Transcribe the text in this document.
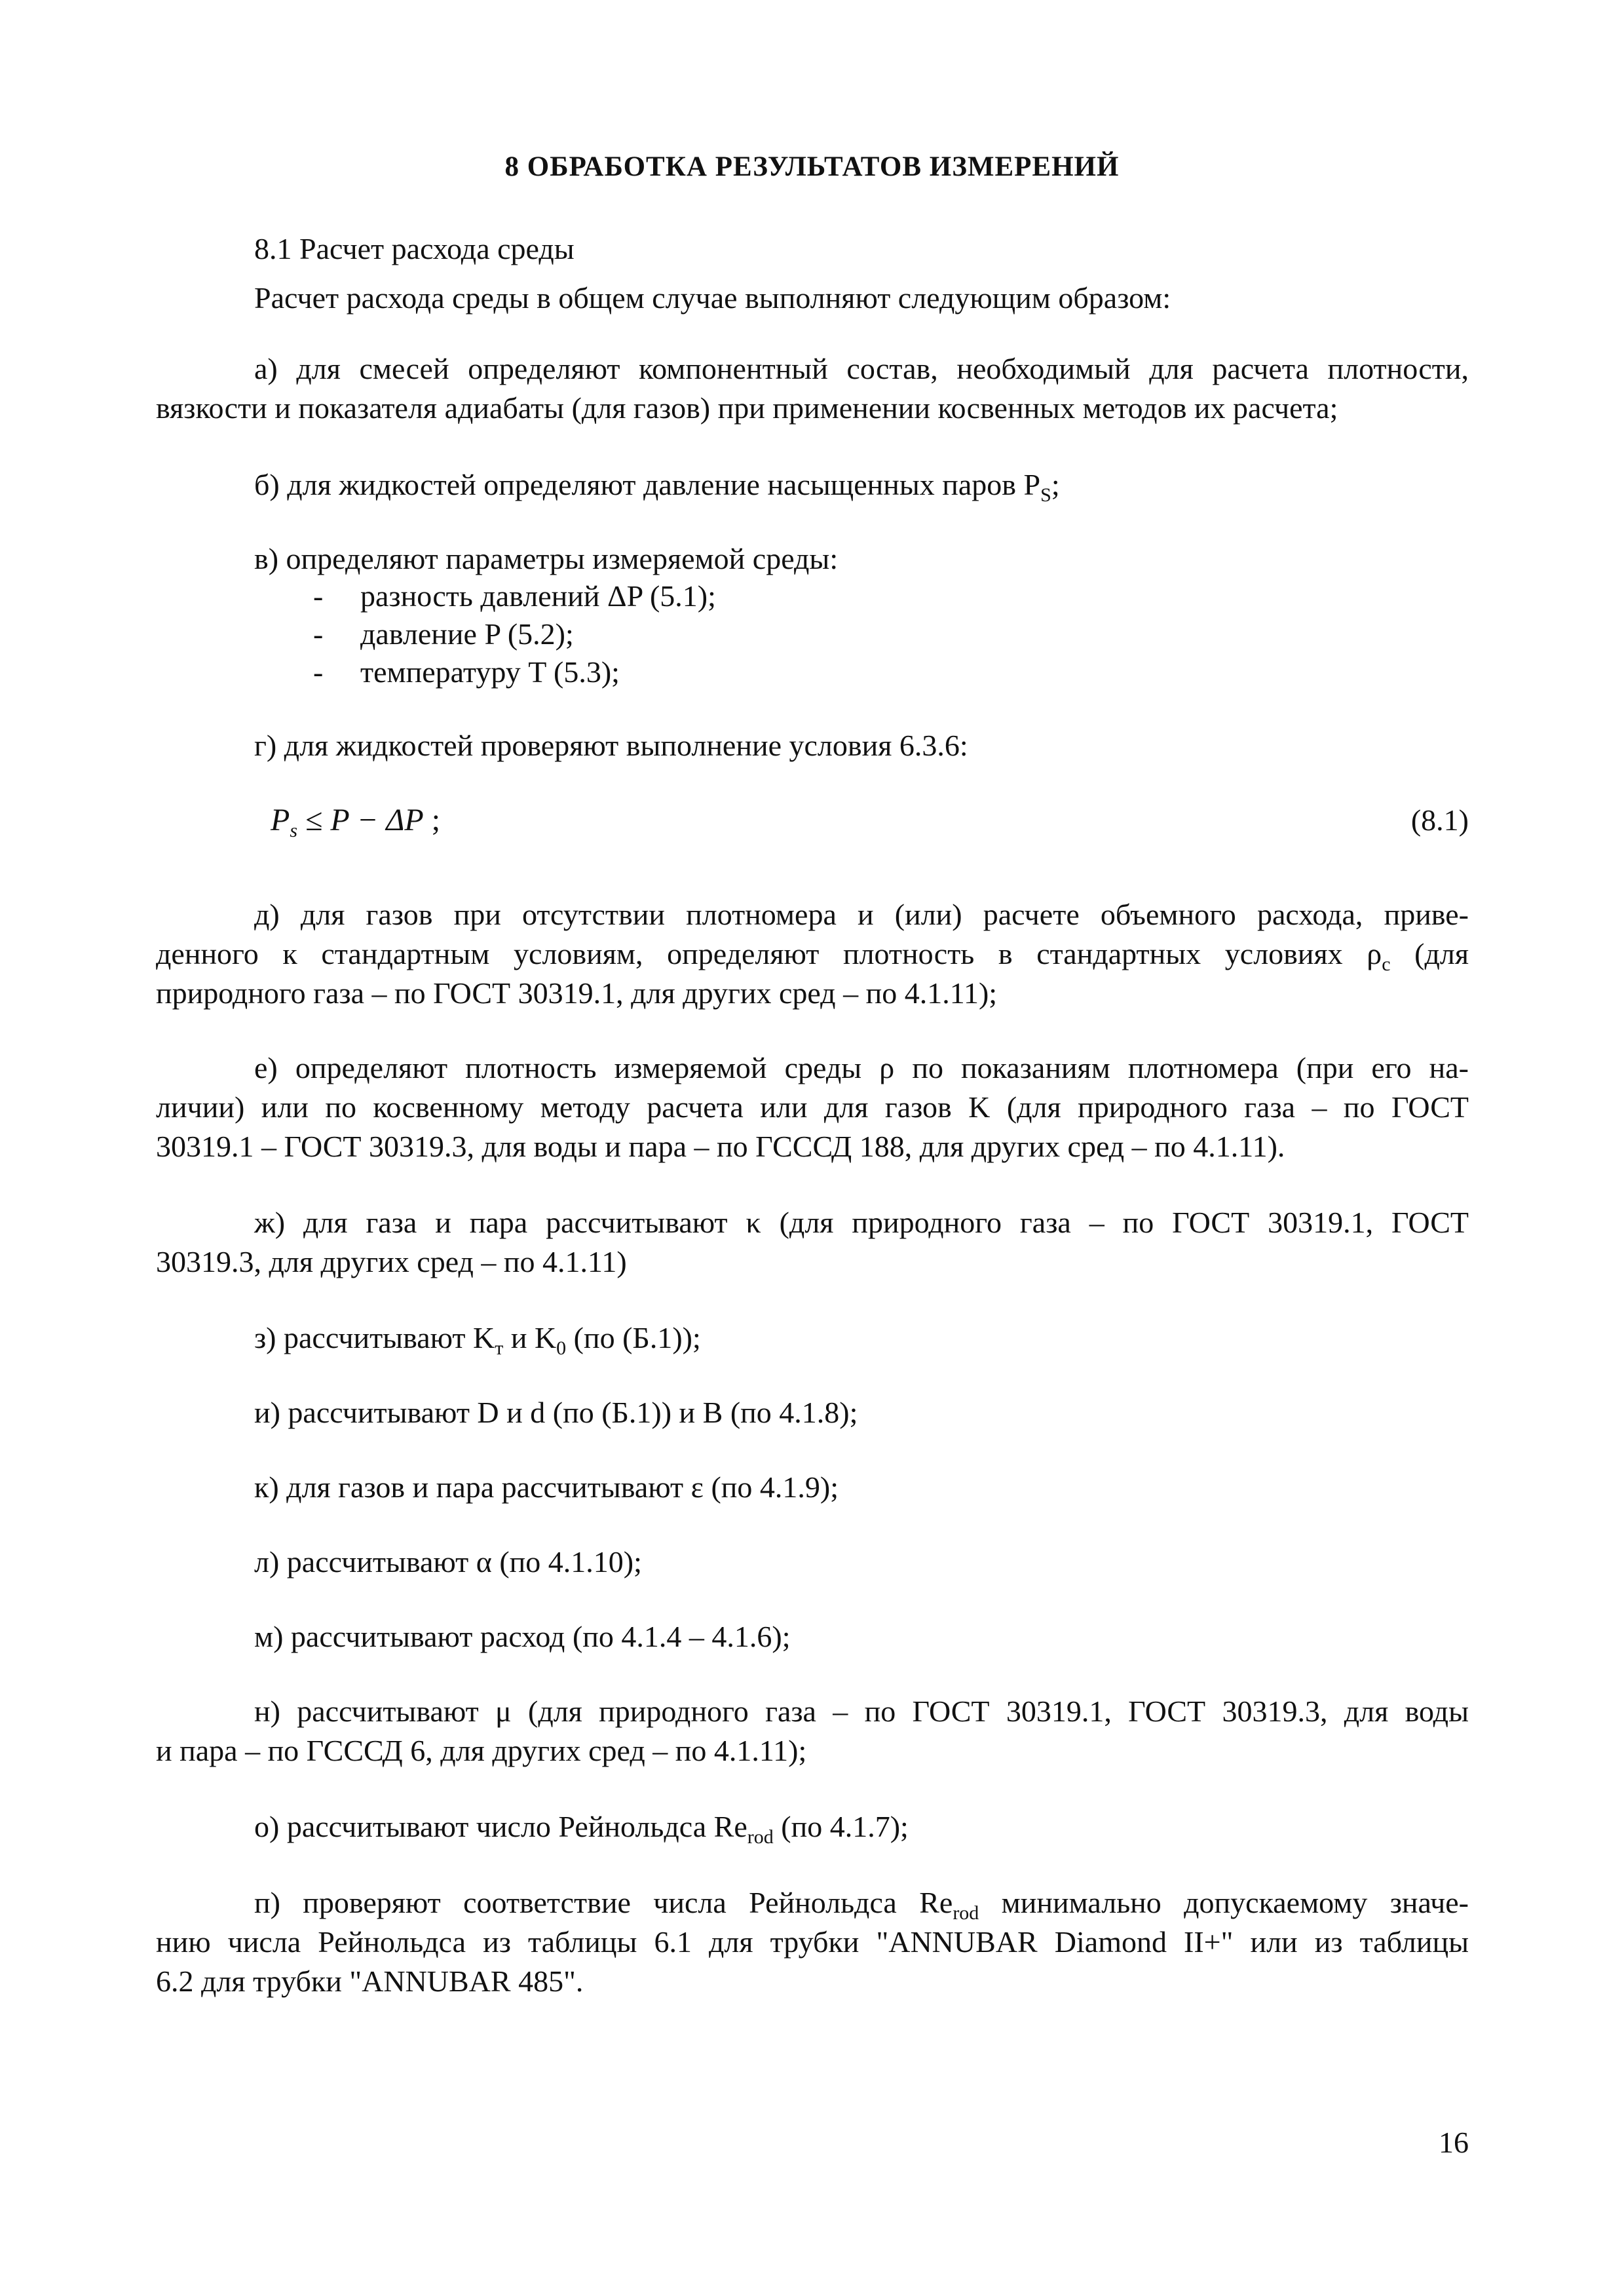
8 ОБРАБОТКА РЕЗУЛЬТАТОВ ИЗМЕРЕНИЙ
8.1 Расчет расхода среды
Расчет расхода среды в общем случае выполняют следующим образом:
а) для смесей определяют компонентный состав, необходимый для расчета плотности,
вязкости и показателя адиабаты (для газов) при применении косвенных методов их расчета;
б) для жидкостей определяют давление насыщенных паров $P_S$;
в) определяют параметры измеряемой среды:
- разность давлений ΔP (5.1);
- давление P (5.2);
- температуру T (5.3);
г) для жидкостей проверяют выполнение условия 6.3.6:
$P_s \le P - \Delta P$ ;	(8.1)
д) для газов при отсутствии плотномера и (или) расчете объемного расхода, приве-
денного к стандартным условиям, определяют плотность в стандартных условиях $\rho_с$ (для
природного газа – по ГОСТ 30319.1, для других сред – по 4.1.11);
е) определяют плотность измеряемой среды ρ по показаниям плотномера (при его на-
личии) или по косвенному методу расчета или для газов K (для природного газа – по ГОСТ
30319.1 – ГОСТ 30319.3, для воды и пара – по ГСССД 188, для других сред – по 4.1.11).
ж) для газа и пара рассчитывают κ (для природного газа – по ГОСТ 30319.1, ГОСТ
30319.3, для других сред – по 4.1.11)
з) рассчитывают $K_т$ и $K_0$ (по (Б.1));
и) рассчитывают D и d (по (Б.1)) и B (по 4.1.8);
к) для газов и пара рассчитывают ε (по 4.1.9);
л) рассчитывают α (по 4.1.10);
м) рассчитывают расход (по 4.1.4 – 4.1.6);
н) рассчитывают μ (для природного газа – по ГОСТ 30319.1, ГОСТ 30319.3, для воды
и пара – по ГСССД 6, для других сред – по 4.1.11);
о) рассчитывают число Рейнольдса $Re_{rod}$ (по 4.1.7);
п) проверяют соответствие числа Рейнольдса $Re_{rod}$ минимально допускаемому значе-
нию числа Рейнольдса из таблицы 6.1 для трубки "ANNUBAR Diamond II+" или из таблицы
6.2 для трубки "ANNUBAR 485".
16
